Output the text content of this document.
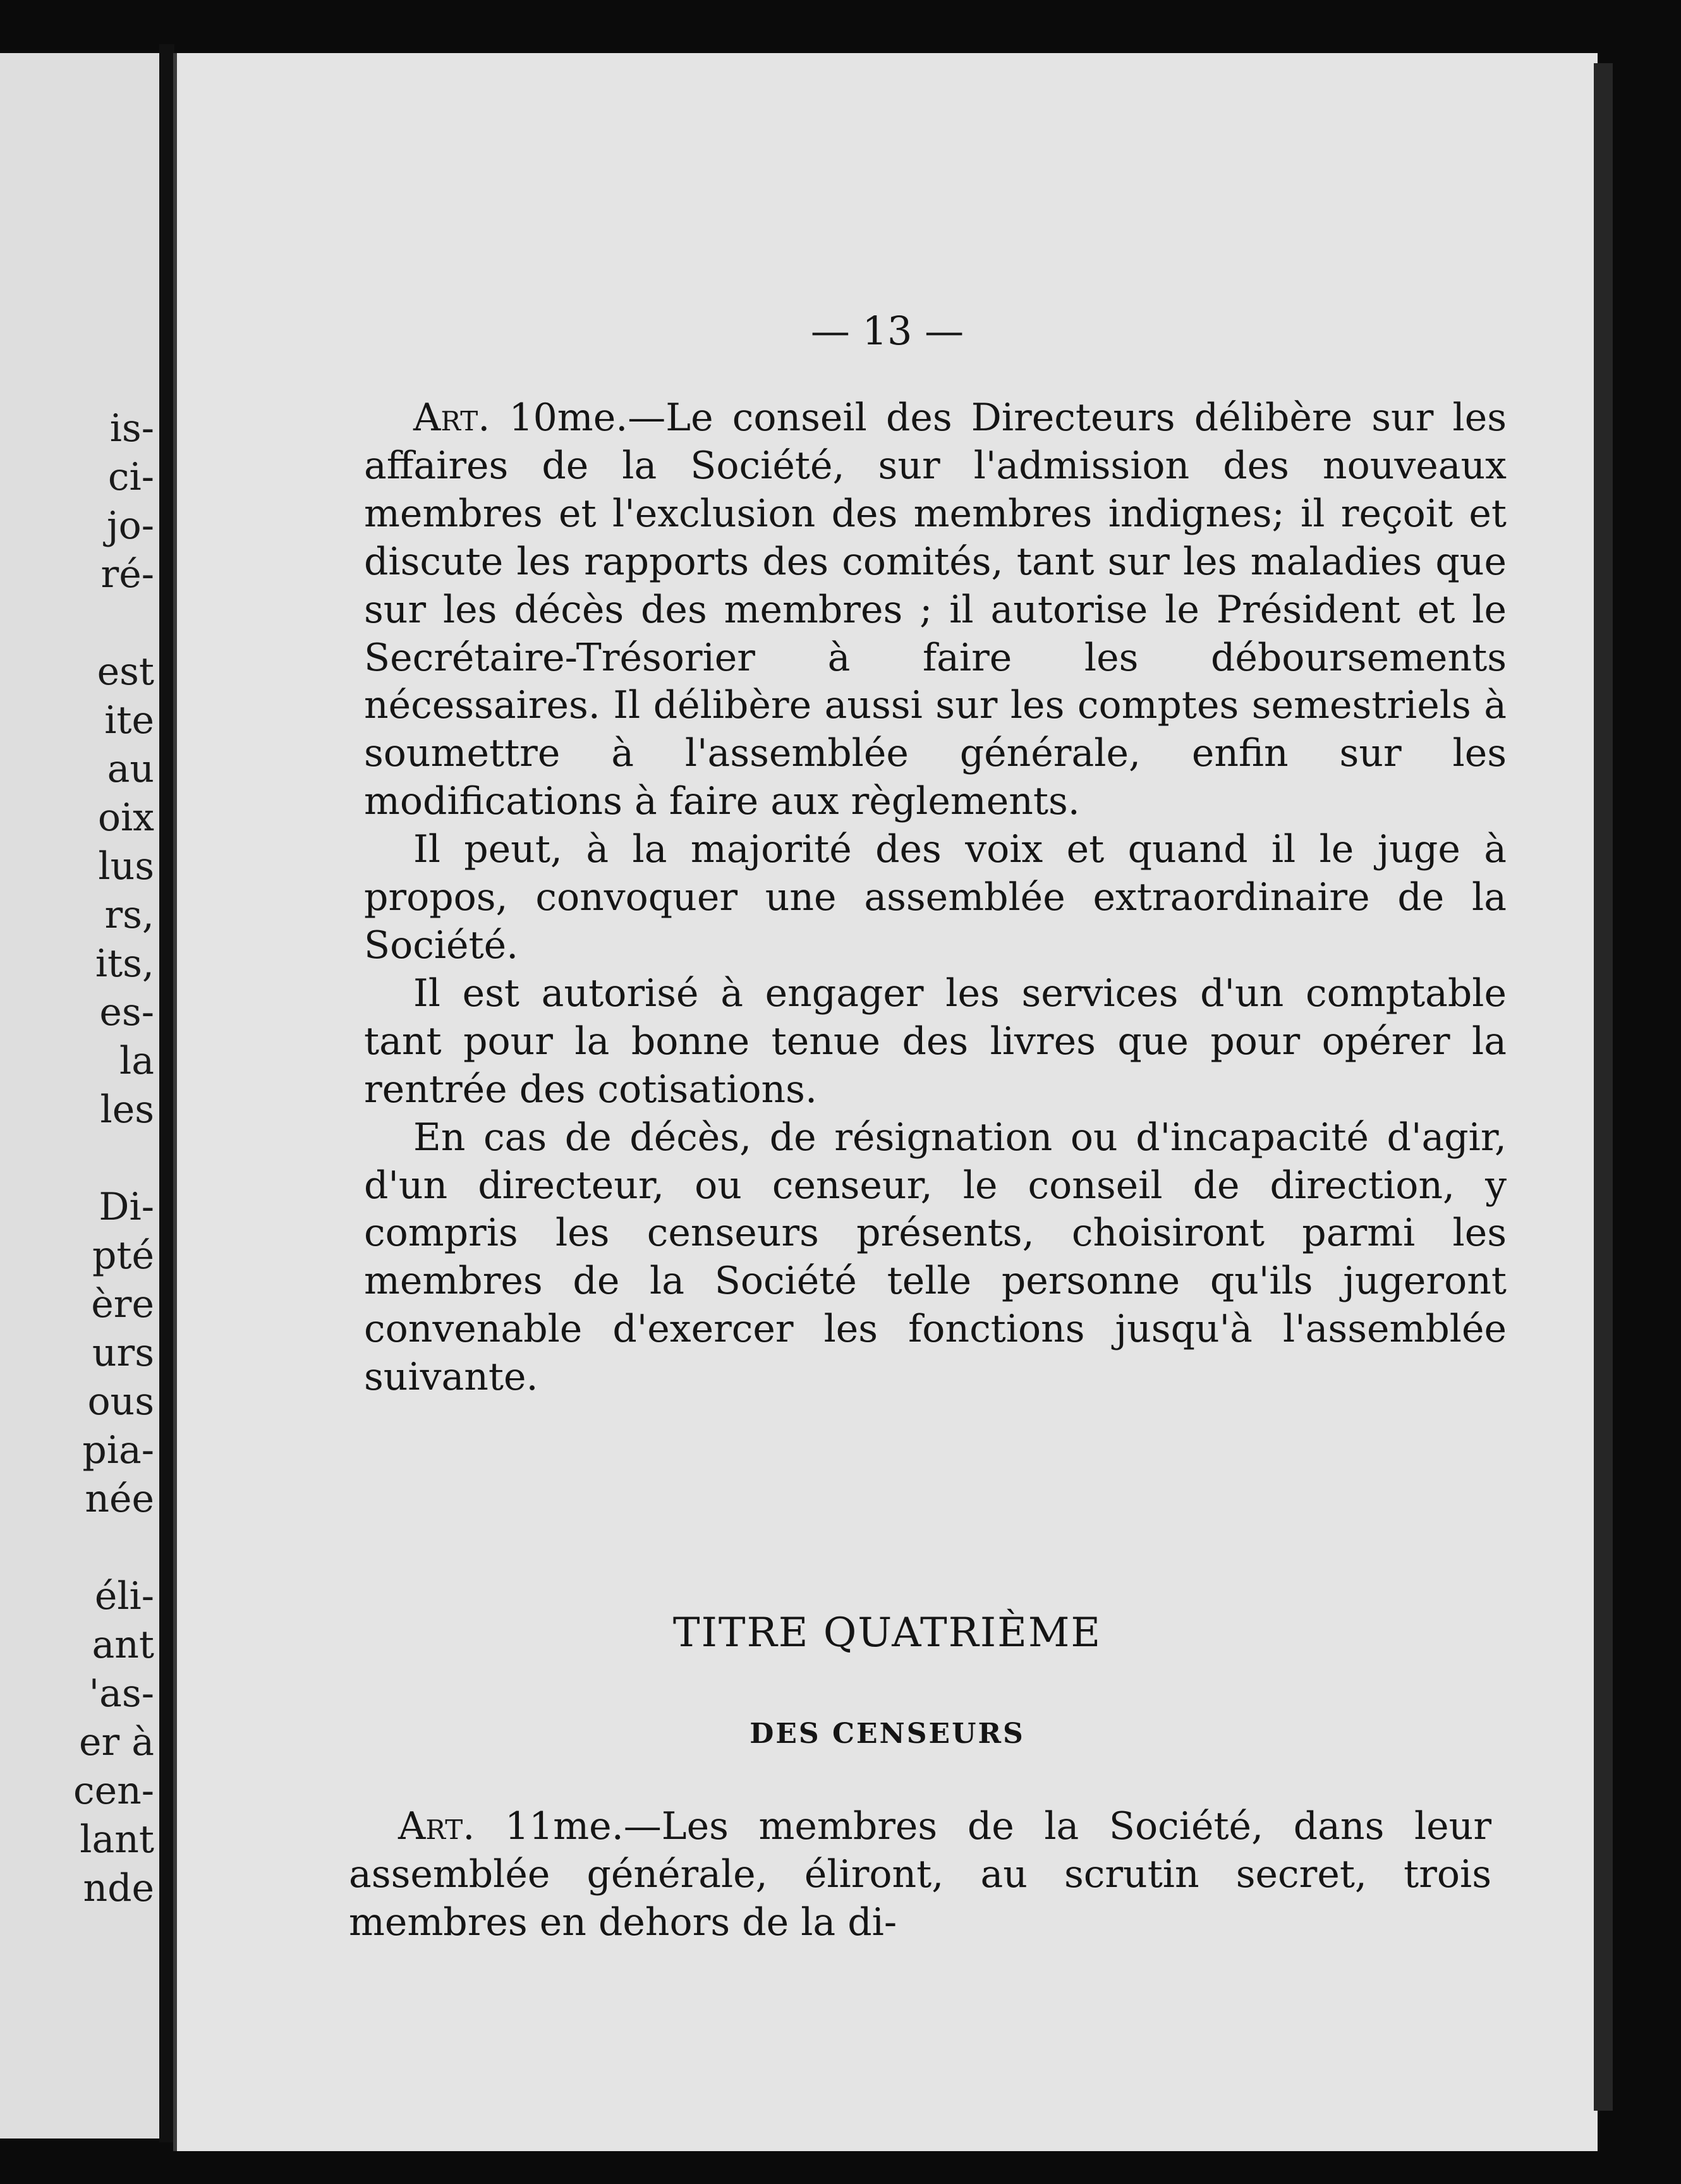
is-
ci-
jo-
ré-

est
ite
au
oix
lus
rs,
its,
es-
la
les

Di-
pté
ère
urs
ous
pia-
née

éli-
ant
'as-
er à
cen-
lant
nde
— 13 —

Art. 10me.—Le conseil des Directeurs délibère sur les affaires de la Société, sur l'admission des nouveaux membres et l'exclusion des membres indignes; il reçoit et discute les rapports des comités, tant sur les maladies que sur les décès des membres ; il autorise le Président et le Secrétaire-Trésorier à faire les déboursements nécessaires. Il délibère aussi sur les comptes semestriels à soumettre à l'assemblée générale, enfin sur les modifications à faire aux règlements.

Il peut, à la majorité des voix et quand il le juge à propos, convoquer une assemblée extraordinaire de la Société.

Il est autorisé à engager les services d'un comptable tant pour la bonne tenue des livres que pour opérer la rentrée des cotisations.

En cas de décès, de résignation ou d'incapacité d'agir, d'un directeur, ou censeur, le conseil de direction, y compris les censeurs présents, choisiront parmi les membres de la Société telle personne qu'ils jugeront convenable d'exercer les fonctions jusqu'à l'assemblée suivante.

TITRE QUATRIÈME
DES CENSEURS

Art. 11me.—Les membres de la Société, dans leur assemblée générale, éliront, au scrutin secret, trois membres en dehors de la di-
